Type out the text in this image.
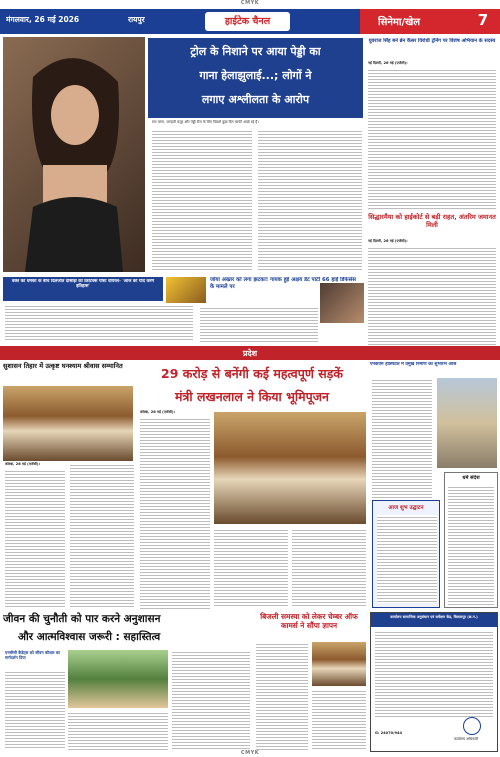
CMYK
मंगलवार, 26 मई 2026	रायपुर	हाईटेक चैनल	सिनेमा/खेल	7
ट्रोल के निशाने पर आया पेड्डी का
गाना हेलाझुलाई...; लोगों ने
लगाए अश्लीलता के आरोप
राम चरण, जान्हवी कपूर और पेड्डी टीम के लिए पिछले कुछ दिन काफी अच्छे रहे हैं।
युवराज सिंह बने ब्रेन कैंसर विरोधी ट्रेनिंग पर विशेष अभियान के सदस्य
नई दिल्ली, 26 मई (एजेंसी)।
सिद्धारमैया को हाईकोर्ट से बड़ी राहत, अंतरिम जमानत मिली
नई दिल्ली, 26 मई (एजेंसी)।
वक्त की धमकी के बीच दिलजीत दोसांझ की क्रिटिक्स पोस्ट वायरल- 'आज को याद करेंगे इतिहास'
जोया अख्तर को लगा झटका! गायक हुई अक्षय डेट पार्टी 66 हाई डिफेंसेस के मामले पर
प्रदेश
सुशासन तिहार में उत्कृष्ट घनश्याम श्रीवास सम्मानित
कोरबा, 26 मई (एजेंसी)।
29 करोड़ से बनेंगी कई महत्वपूर्ण सड़कें
मंत्री लखनलाल ने किया भूमिपूजन
कोरबा, 26 मई (एजेंसी)।
एनकेएम हॉस्पिटल में प्रमुख निर्माण का शुभारंभ आज
आज शुभ उद्घाटन
धर्म संदेश
जीवन की चुनौती को पार करने अनुशासन
और आत्मविश्वास जरूरी : सहास्तित्व
एनसीसी कैडेट्स को जीवन कौशल का मार्गदर्शन दिया
बिजली समस्या को लेकर चेम्बर ऑफ कामर्स ने सौंपा ज्ञापन
कार्यालय सामाजिक अनुसंधान एवं सर्वेक्षण केंद्र, बिलासपुर (छ.ग.)
G: 24070/944
कार्यालय अधिकारी
CMYK
